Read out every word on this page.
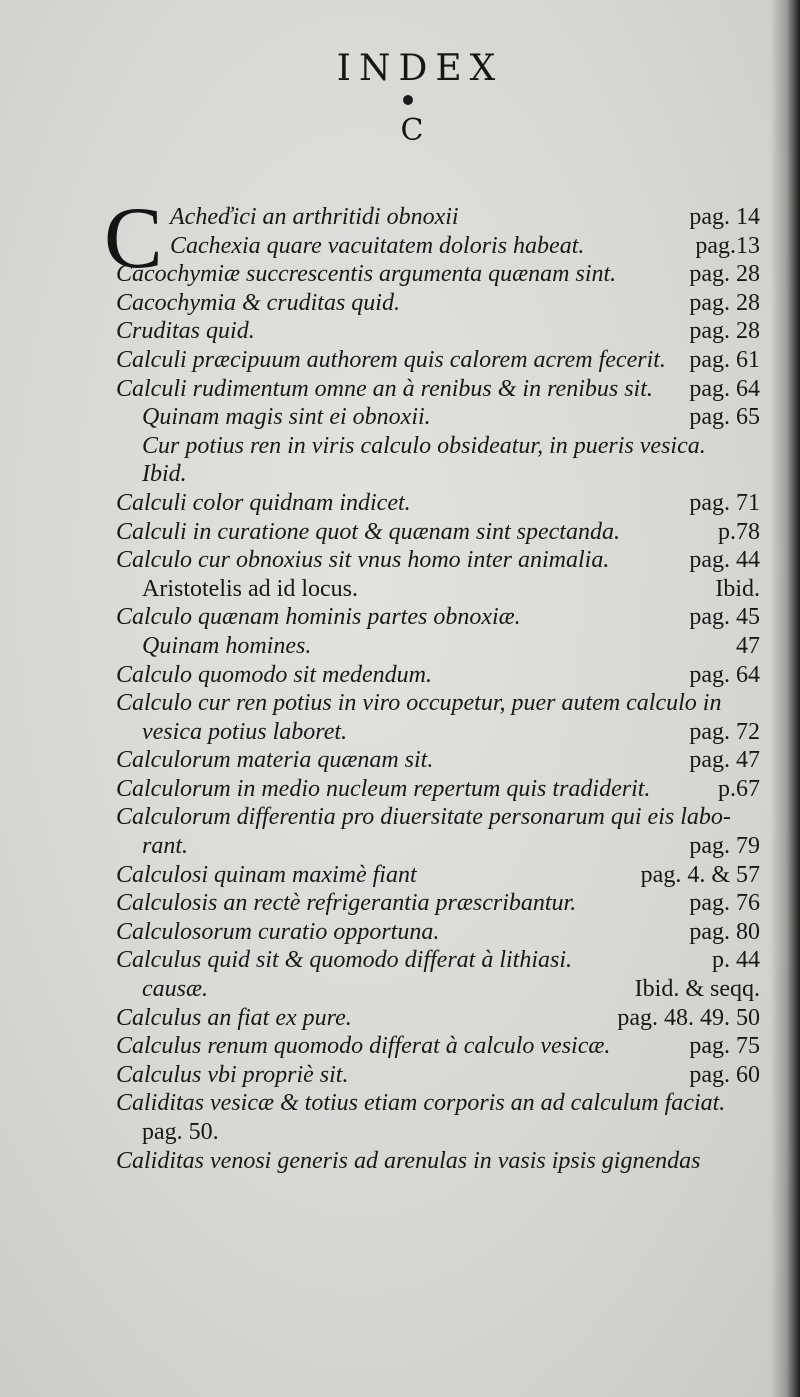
INDEX
C
C Acheďici an arthritidi obnoxii	pag. 14
Cachexia quare vacuitatem doloris habeat.	pag.13
Cacochymiæ succrescentis argumenta quænam sint.	pag. 28
Cacochymia & cruditas quid.	pag. 28
Cruditas quid.	pag. 28
Calculi præcipuum authorem quis calorem acrem fecerit. pag. 61
Calculi rudimentum omne an à renibus & in renibus sit. pag. 64
Quinam magis sint ei obnoxii.	pag. 65
Cur potius ren in viris calculo obsideatur, in pueris vesica.
Ibid.
Calculi color quidnam indicet.	pag. 71
Calculi in curatione quot & quænam sint spectanda.	p.78
Calculo cur obnoxius sit vnus homo inter animalia.	pag. 44
Aristotelis ad id locus.	Ibid.
Calculo quænam hominis partes obnoxiæ.	pag. 45
Quinam homines.	47
Calculo quomodo sit medendum.	pag. 64
Calculo cur ren potius in viro occupetur, puer autem calculo in
vesica potius laboret.	pag. 72
Calculorum materia quænam sit.	pag. 47
Calculorum in medio nucleum repertum quis tradiderit.	p.67
Calculorum differentia pro diuersitate personarum qui eis labo-
rant.	pag. 79
Calculosi quinam maximè fiant	pag. 4. & 57
Calculosis an rectè refrigerantia præscribantur.	pag. 76
Calculosorum curatio opportuna.	pag. 80
Calculus quid sit & quomodo differat à lithiasi.	p. 44
causæ.	Ibid. & seqq.
Calculus an fiat ex pure.	pag. 48. 49. 50
Calculus renum quomodo differat à calculo vesicæ.	pag. 75
Calculus vbi propriè sit.	pag. 60
Caliditas vesicæ & totius etiam corporis an ad calculum faciat.
pag. 50.
Caliditas venosi generis ad arenulas in vasis ipsis gignendas
